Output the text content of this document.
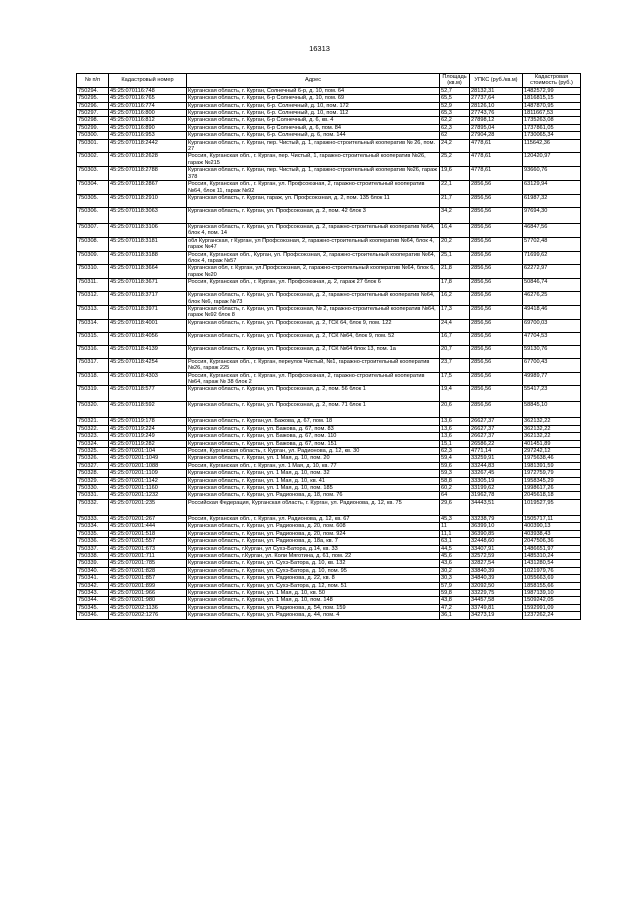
16313
№ п/п	Кадастровый номер	Адрес	Площадь (кв.м)	УПКС (руб./кв.м)	Кадастровая стоимость (руб.)
750294.	45:25:070116:748	Курганская область, г. Курган, Солнечный 6-р, д. 10, пом. 64	52,7	28132,31	1482572,99
750295.	45:25:070116:765	Курганская область, г. Курган, 6-р Солнечный, д. 10, пом. 69	65,5	27737,64	1816815,15
750296.	45:25:070116:774	Курганская область, г. Курган, 6-р. Солнечный, д. 10, пом. 172	52,9	28126,10	1487870,95
750297.	45:25:070116:800	Курганская область, г. Курган, 6-р. Солнечный, д. 10, пом. 112	65,3	27743,76	1811667,53
750298.	45:25:070116:812	Курганская область, г. Курган, 6-р Солнечный, д. 6, кв. 4	62,2	27898,12	1735263,08
750299.	45:25:070116:890	Курганская область, г. Курган, 6-р Солнечный, д. 6, пом. 84	62,3	27895,04	1737861,05
750300.	45:25:070116:953	Курганская область, г. Курган, 6-р. Солнечный, д. 6, пом. 144	62	27904,28	1730065,34
750301.	45:25:070118:2442	Курганская область, г. Курган, пер. Чистый, д. 1, гаражно-строительный кооператив № 26, пом. 27	24,2	4778,61	115642,36
750302.	45:25:070118:2628	Россия, Курганская обл., г. Курган, пер. Чистый, 1, гаражно-строительный кооператив №26, гараж №215	25,2	4778,61	120420,97
750303.	45:25:070118:2788	Курганская область, г. Курган, пер. Чистый, д. 1, гаражно-строительный кооператив №26, гараж 378	19,6	4778,61	93660,76
750304.	45:25:070118:2867	Россия, Курганская обл., г. Курган, ул. Профсоюзная, 2, гаражно-строительный кооператив №64, блок 11, гараж №92	22,1	2856,56	63129,94
750305.	45:25:070118:2910	Курганская область, г. Курган, гараж, ул. Профсоюзная, д. 2, пом. 135 блок 11	21,7	2856,56	61987,32
750306.	45:25:070118:3063	Курганская область, г. Курган, ул. Профсоюзная, д. 2, пом. 42 блок 3	34,2	2856,56	97694,30
750307.	45:25:070118:3106	Курганская область, г. Курган, ул. Профсоюзная, д. 2, гаражно-строительный кооператив №64, блок 4, пом. 14	16,4	2856,56	46847,56
750308.	45:25:070118:3181	обл Курганская, г Курган, ул Профсоюзная, 2, гаражно-строительный кооператив №64, блок 4, гараж №47	20,2	2856,56	57702,48
750309.	45:25:070118:3188	Россия, Курганская обл., Курган, ул. Профсоюзная, 2, гаражно-строительный кооператив №64, блок 4, гараж №57	25,1	2856,56	71699,62
750310.	45:25:070118:3664	Курганская обл, г. Курган, ул.Профсоюзная, 2, гаражно-строительный кооператив №64, блок 6, гараж №20	21,8	2856,56	62272,97
750311.	45:25:070118:3671	Россия, Курганская обл., г. Курган, ул. Профсоюзная, д. 2, гараж 27 блок 6	17,8	2856,56	50846,74
750312.	45:25:070118:3717	Курганская область, г. Курган, ул. Профсоюзная, д. 2, гаражно-строительный кооператив №64, блок №6, гараж №73	16,2	2856,56	46276,25
750313.	45:25:070118:3971	Курганская область, г. Курган, ул. Профсоюзная, № 2, гаражно-строительный кооператив №64, гараж №92 блок 8	17,3	2856,56	49418,46
750314.	45:25:070118:4001	Курганская область, г. Курган, ул. Профсоюзная, д. 2, ГСК 64, блок 9, пом. 122	24,4	2856,56	69700,03
750315.	45:25:070118:4056	Курганская область, г. Курган, ул. Профсоюзная, д. 2, ГСК №64, блок 9, пом. 52	16,7	2856,56	47704,53
750316.	45:25:070118:4139	Курганская область, г. Курган, ул. Профсоюзная, д. 2, ГСК №64 блок 13, пом. 1а	20,7	2856,56	59130,76
750317.	45:25:070118:4254	Россия, Курганская обл., г. Курган, переулок Чистый, №1, гаражно-строительный кооператив №26, гараж 225	23,7	2856,56	67700,43
750318.	45:25:070118:4303	Россия, Курганская обл., г. Курган, ул. Профсоюзная, 2, гаражно-строительный кооператив №64, гараж № 38 блок 2	17,5	2856,56	49989,77
750319.	45:25:070118:577	Курганская область, г. Курган, ул. Профсоюзная, д. 2, пом. 56 блок 1	19,4	2856,56	55417,23
750320.	45:25:070118:592	Курганская область, г. Курган, ул. Профсоюзная, д. 2, пом. 71 блок 1	20,6	2856,56	58845,10
750321.	45:25:070119:178	Курганская область, г. Курган,ул. Бажова, д. 67, пом. 18	13,6	26627,37	362132,22
750322.	45:25:070119:224	Курганская область, г. Курган, ул. Бажова, д. 67, пом. 83	13,6	26627,37	362132,22
750323.	45:25:070119:249	Курганская область, г. Курган, ул. Бажова, д. 67, пом. 110	13,6	26627,37	362132,22
750324.	45:25:070119:282	Курганская область, г. Курган, ул. Бажова, д. 67, пом. 151	15,1	26586,22	401451,89
750325.	45:25:070201:104	Россия, Курганская область, г. Курган, ул. Радионова, д. 12, кв. 30	62,3	4771,14	297242,12
750326.	45:25:070201:1049	Курганская область, г. Курган, ул. 1 Мая, д. 10, пом. 20	59,4	33259,91	1975638,46
750327.	45:25:070201:1088	Россия, Курганская обл., г. Курган, ул. 1 Мая, д. 10, кв. 77	59,6	33244,83	1981391,59
750328.	45:25:070201:1109	Курганская область, г. Курган, ул. 1 Мая, д. 10, пом. 32	59,3	33267,45	1972759,79
750329.	45:25:070201:1142	Курганская область, г. Курган, ул. 1 Мая, д. 10, кв. 41	58,8	33305,19	1958345,29
750330.	45:25:070201:1160	Курганская область, г. Курган, ул. 1 Мая, д. 10, пом. 185	60,2	33199,62	1998617,26
750331.	45:25:070201:1232	Курганская область, г. Курган, ул. Радионова, д. 18, пом. 76	64	31962,78	2045618,18
750332.	45:25:070201:235	Российская Федерация, Курганская область, г. Курган, ул. Радионова, д. 12, кв. 75	29,6	34443,51	1019527,95
750333.	45:25:070201:267	Россия, Курганская обл., г. Курган, ул. Радионова, д. 12, кв. 67	45,3	33238,79	1505717,11
750334.	45:25:070201:444	Курганская область, г. Курган, ул. Радионова, д. 20, пом. 608	11	36399,10	400390,13
750335.	45:25:070201:518	Курганская область, г. Курган, ул. Радионова, д. 20, пом. 924	11,1	36390,85	403938,43
750336.	45:25:070201:557	Курганская область, г. Курган, ул. Радионова, д. 18а, кв. 7	63,1	32448,60	2047506,36
750337.	45:25:070201:673	Курганская область, г.Курган, ул Сухэ-Батора, д.14, кв. 33	44,5	33407,91	1486651,97
750338.	45:25:070201:711	Курганская область, г.Курган, ул. Коли Мяготина, д. 61, пом. 22	45,6	32572,59	1485310,24
750339.	45:25:070201:785	Курганская область, г. Курган, ул. Сухэ-Батора, д. 10, кв. 132	43,6	32827,54	1431280,54
750340.	45:25:070201:828	Курганская область, г. Курган, ул. Сухэ-Батора, д. 10, пом. 95	30,2	33840,39	1021979,76
750341.	45:25:070201:857	Курганская область, г. Курган, ул. Радионова, д. 22, кв. 8	30,3	34840,39	1055663,69
750342.	45:25:070201:899	Курганская область, г. Курган, ул. Сухэ-Батора, д. 12, пом. 51	57,9	32092,50	1858155,66
750343.	45:25:070201:966	Курганская область, г. Курган, ул. 1 Мая, д. 10, кв. 50	59,8	33229,75	1987139,10
750344.	45:25:070201:980	Курганская область, г. Курган, ул. 1 Мая, д. 10, пом. 148	43,8	34457,58	1509242,05
750345.	45:25:070202:1136	Курганская область, г. Курган, ул. Радионова, д. 54, пом. 159	47,2	33749,81	1592991,09
750346.	45:25:070202:1276	Курганская область, г. Курган, ул. Радионова, д. 44, пом. 4	36,1	34273,19	1237262,24
